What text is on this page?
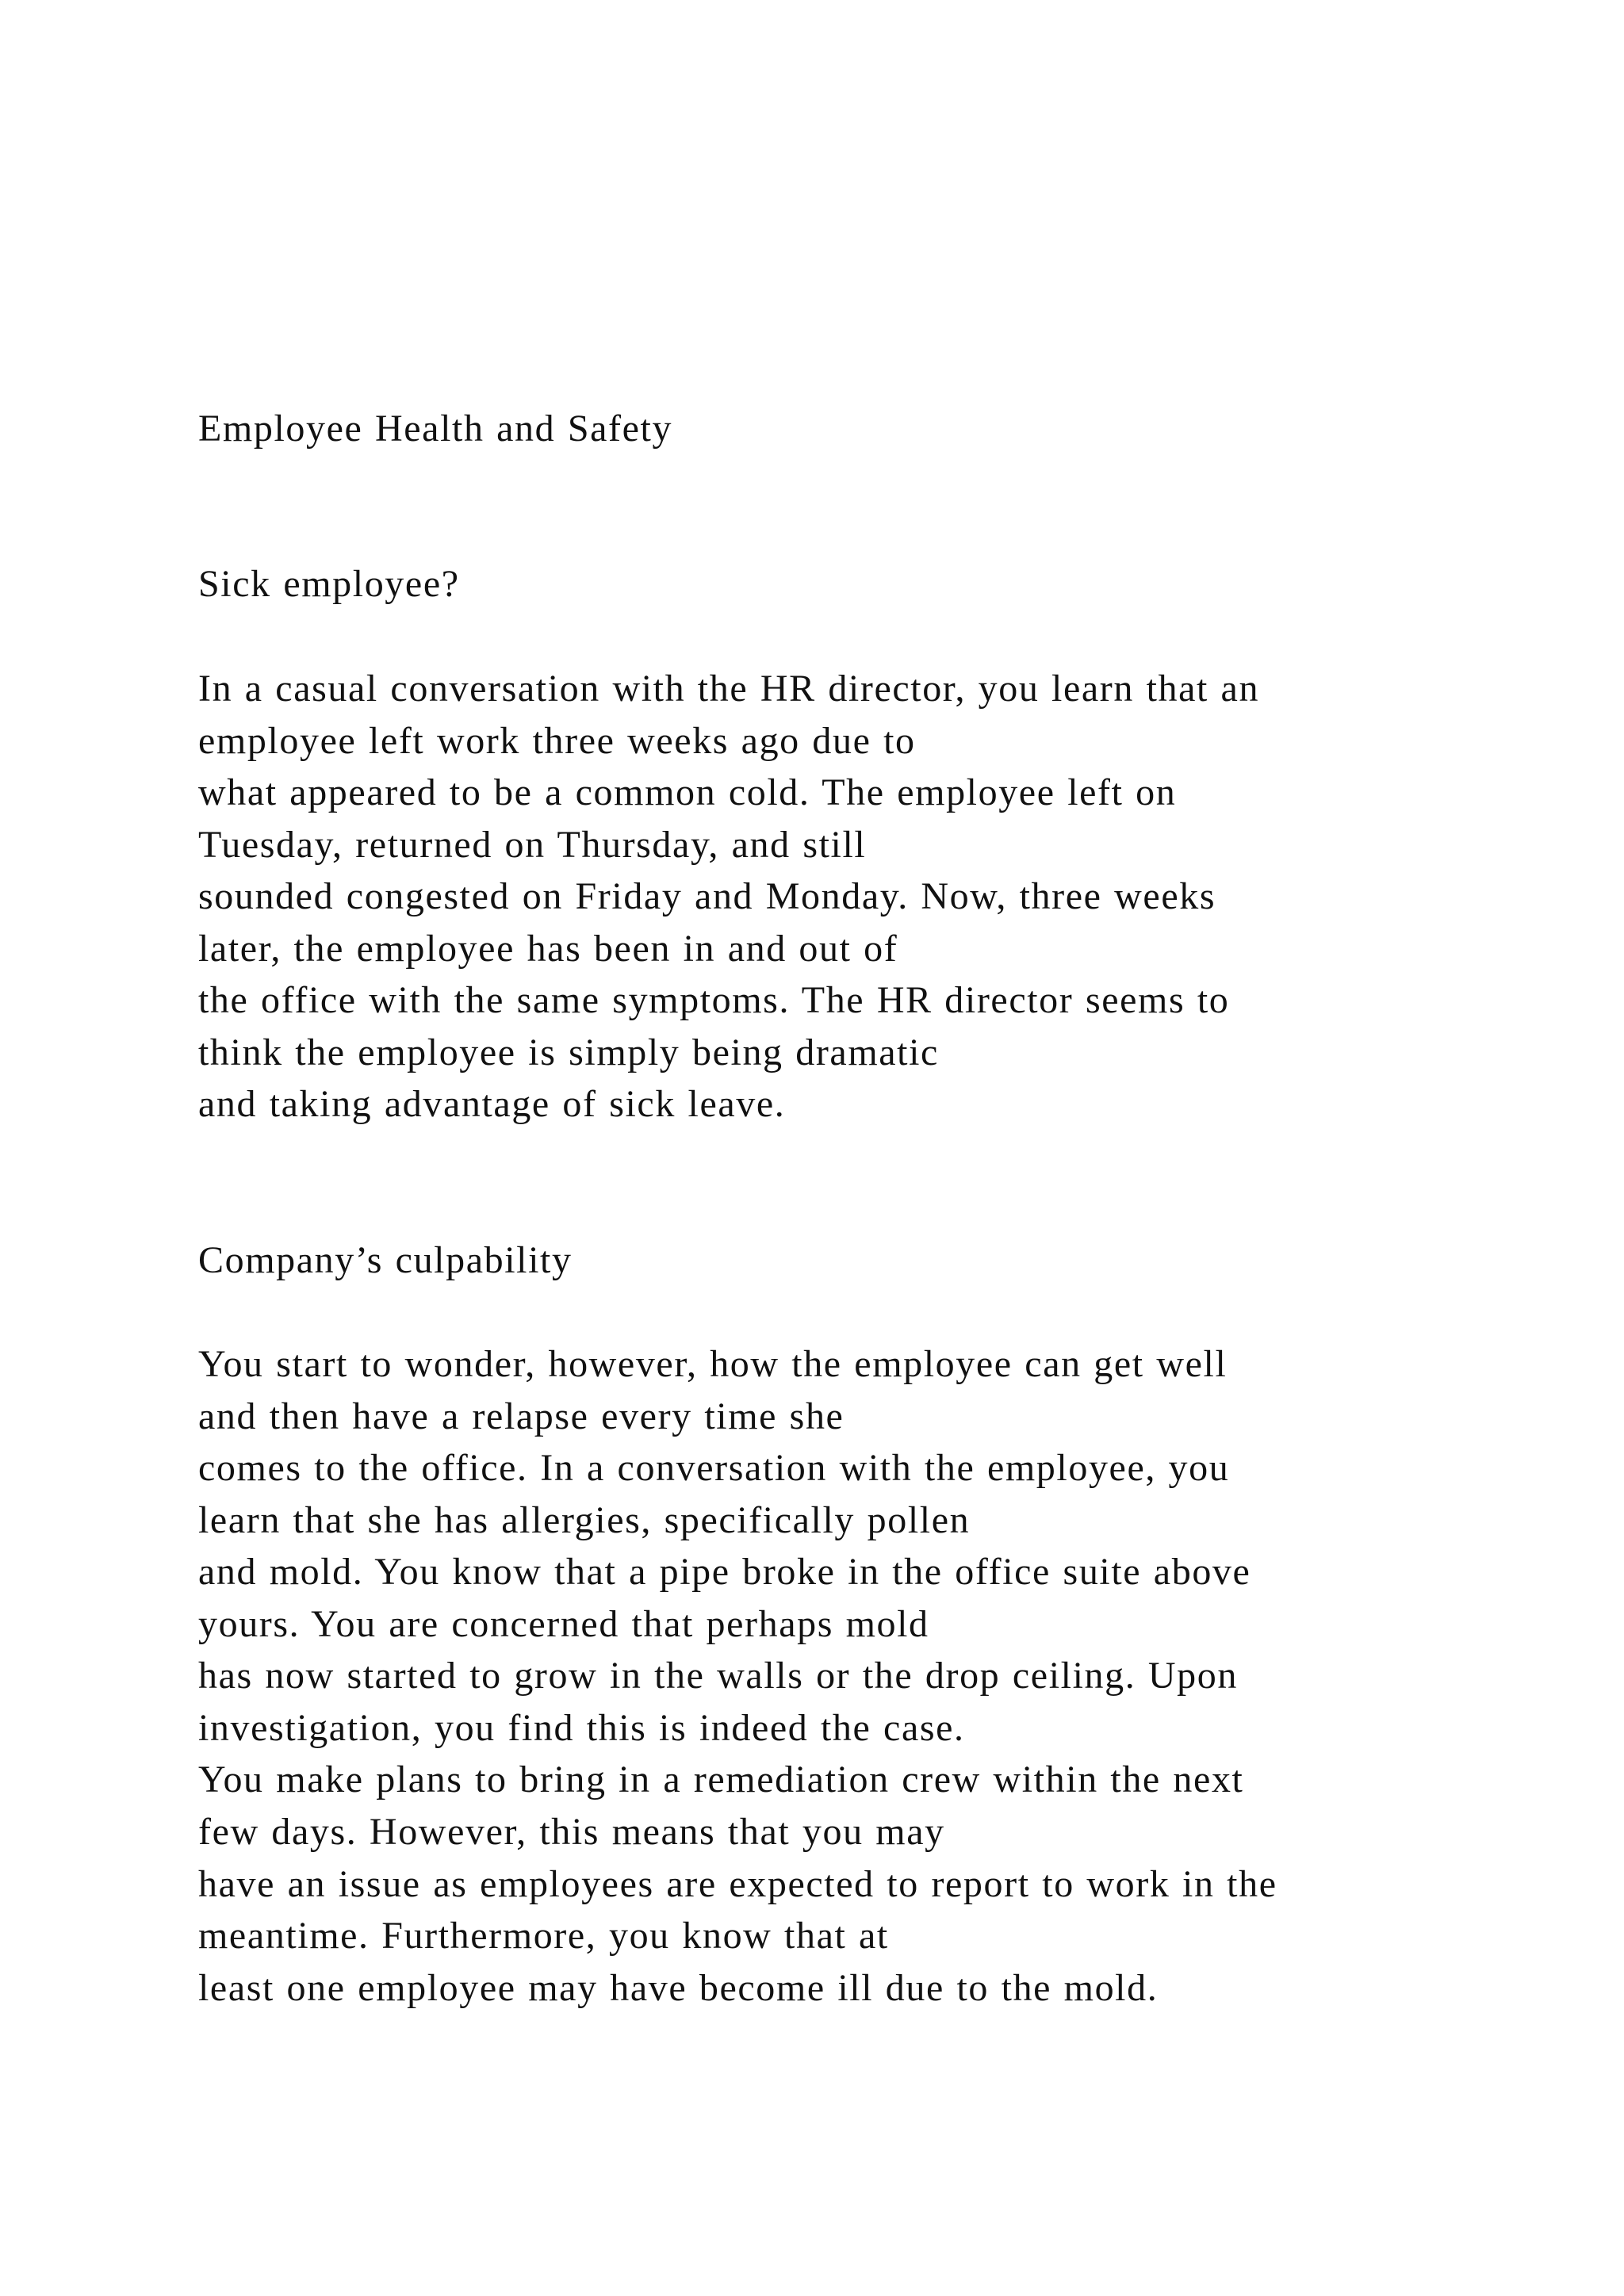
Employee Health and Safety

Sick employee?

In a casual conversation with the HR director, you learn that an

employee left work three weeks ago due to

what appeared to be a common cold. The employee left on

Tuesday, returned on Thursday, and still

sounded congested on Friday and Monday. Now, three weeks

later, the employee has been in and out of

the office with the same symptoms. The HR director seems to

think the employee is simply being dramatic

and taking advantage of sick leave.

Company’s culpability

You start to wonder, however, how the employee can get well

and then have a relapse every time she

comes to the office. In a conversation with the employee, you

learn that she has allergies, specifically pollen

and mold. You know that a pipe broke in the office suite above

yours. You are concerned that perhaps mold

has now started to grow in the walls or the drop ceiling. Upon

investigation, you find this is indeed the case.

You make plans to bring in a remediation crew within the next

few days. However, this means that you may

have an issue as employees are expected to report to work in the

meantime. Furthermore, you know that at

least one employee may have become ill due to the mold.
